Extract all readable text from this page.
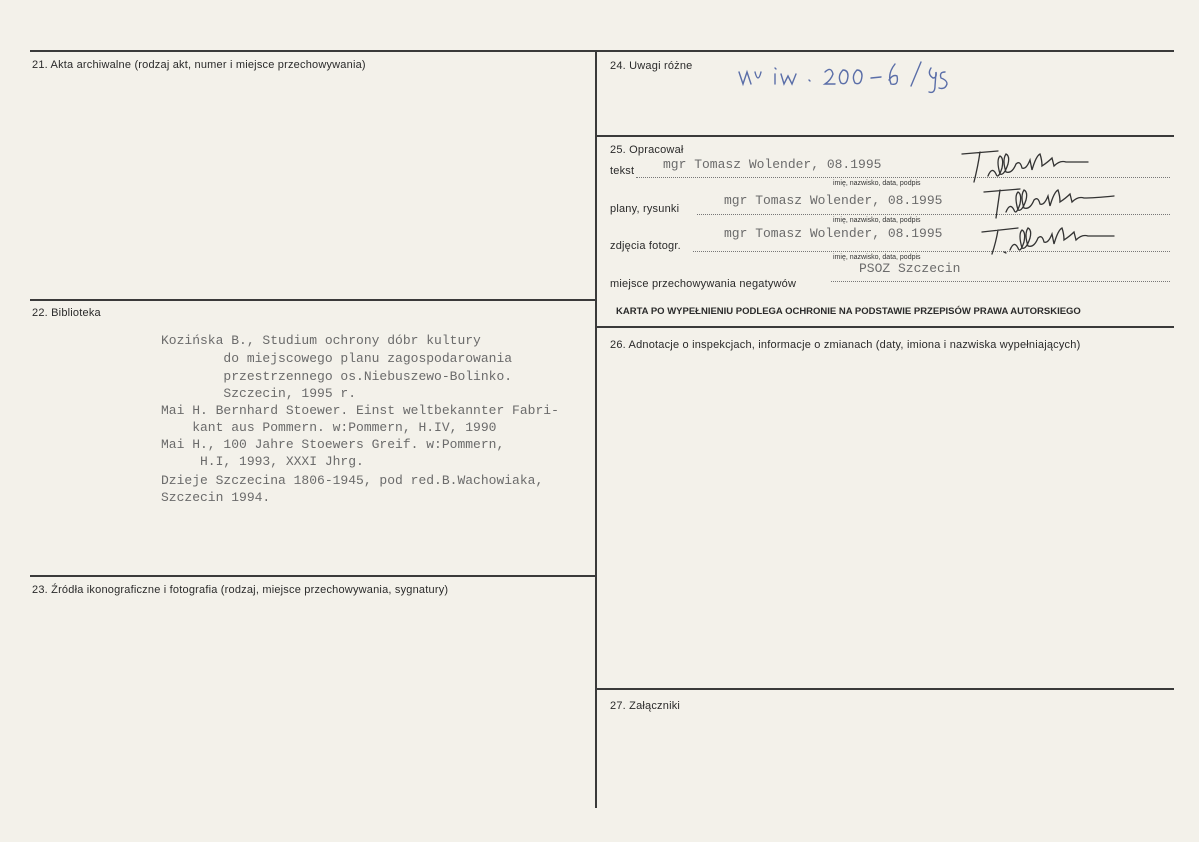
21. Akta archiwalne (rodzaj akt, numer i miejsce przechowywania)
22. Biblioteka
Kozińska B., Studium ochrony dóbr kultury
do miejscowego planu zagospodarowania
przestrzennego os.Niebuszewo-Bolinko.
Szczecin, 1995 r.
Mai H. Bernhard Stoewer. Einst weltbekannter Fabri-
kant aus Pommern. w:Pommern, H.IV, 1990
Mai H., 100 Jahre Stoewers Greif. w:Pommern,
H.I, 1993, XXXI Jhrg.
Dzieje Szczecina 1806-1945, pod red.B.Wachowiaka,
Szczecin 1994.
23. Źródła ikonograficzne i fotografia (rodzaj, miejsce przechowywania, sygnatury)
24. Uwagi różne
25. Opracował
tekst mgr Tomasz Wolender, 08.1995
imię, nazwisko, data, podpis
plany, rysunki
mgr Tomasz Wolender, 08.1995
imię, nazwisko, data, podpis
zdjęcia fotogr.
mgr Tomasz Wolender, 08.1995
imię, nazwisko, data, podpis
miejsce przechowywania negatywów
PSOZ Szczecin
KARTA PO WYPEŁNIENIU PODLEGA OCHRONIE NA PODSTAWIE PRZEPISÓW PRAWA AUTORSKIEGO
26. Adnotacje o inspekcjach, informacje o zmianach (daty, imiona i nazwiska wypełniających)
27. Załączniki
